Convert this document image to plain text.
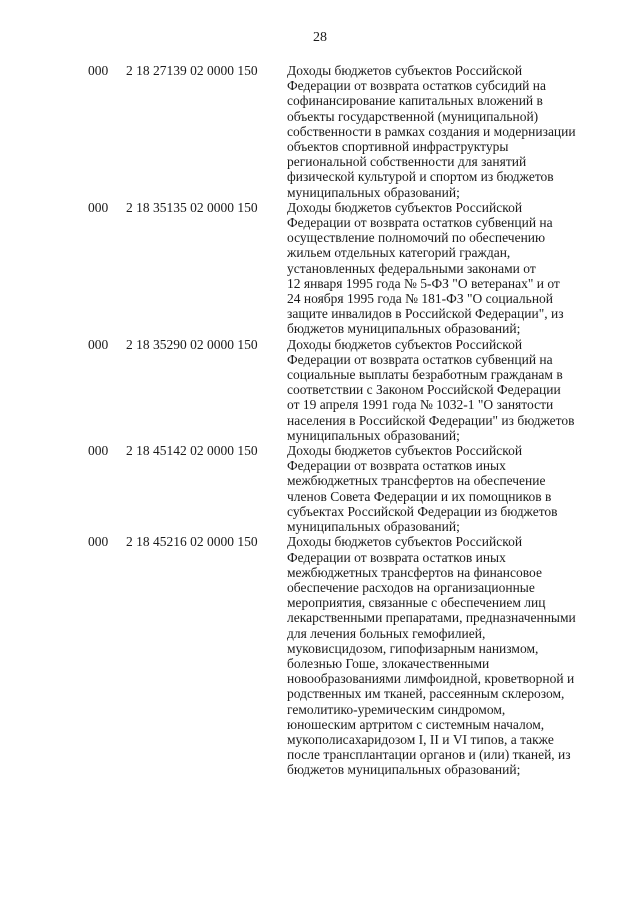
28
000	2 18 27139 02 0000 150	Доходы бюджетов субъектов Российской
Федерации от возврата остатков субсидий на
софинансирование капитальных вложений в
объекты государственной (муниципальной)
собственности в рамках создания и модернизации
объектов спортивной инфраструктуры
региональной собственности для занятий
физической культурой и спортом из бюджетов
муниципальных образований;
000	2 18 35135 02 0000 150	Доходы бюджетов субъектов Российской
Федерации от возврата остатков субвенций на
осуществление полномочий по обеспечению
жильем отдельных категорий граждан,
установленных федеральными законами от
12 января 1995 года № 5-ФЗ "О ветеранах" и от
24 ноября 1995 года № 181-ФЗ "О социальной
защите инвалидов в Российской Федерации", из
бюджетов муниципальных образований;
000	2 18 35290 02 0000 150	Доходы бюджетов субъектов Российской
Федерации от возврата остатков субвенций на
социальные выплаты безработным гражданам в
соответствии с Законом Российской Федерации
от 19 апреля 1991 года № 1032-1 "О занятости
населения в Российской Федерации" из бюджетов
муниципальных образований;
000	2 18 45142 02 0000 150	Доходы бюджетов субъектов Российской
Федерации от возврата остатков иных
межбюджетных трансфертов на обеспечение
членов Совета Федерации и их помощников в
субъектах Российской Федерации из бюджетов
муниципальных образований;
000	2 18 45216 02 0000 150	Доходы бюджетов субъектов Российской
Федерации от возврата остатков иных
межбюджетных трансфертов на финансовое
обеспечение расходов на организационные
мероприятия, связанные с обеспечением лиц
лекарственными препаратами, предназначенными
для лечения больных гемофилией,
муковисцидозом, гипофизарным нанизмом,
болезнью Гоше, злокачественными
новообразованиями лимфоидной, кроветворной и
родственных им тканей, рассеянным склерозом,
гемолитико-уремическим синдромом,
юношеским артритом с системным началом,
мукополисахаридозом I, II и VI типов, а также
после трансплантации органов и (или) тканей, из
бюджетов муниципальных образований;
